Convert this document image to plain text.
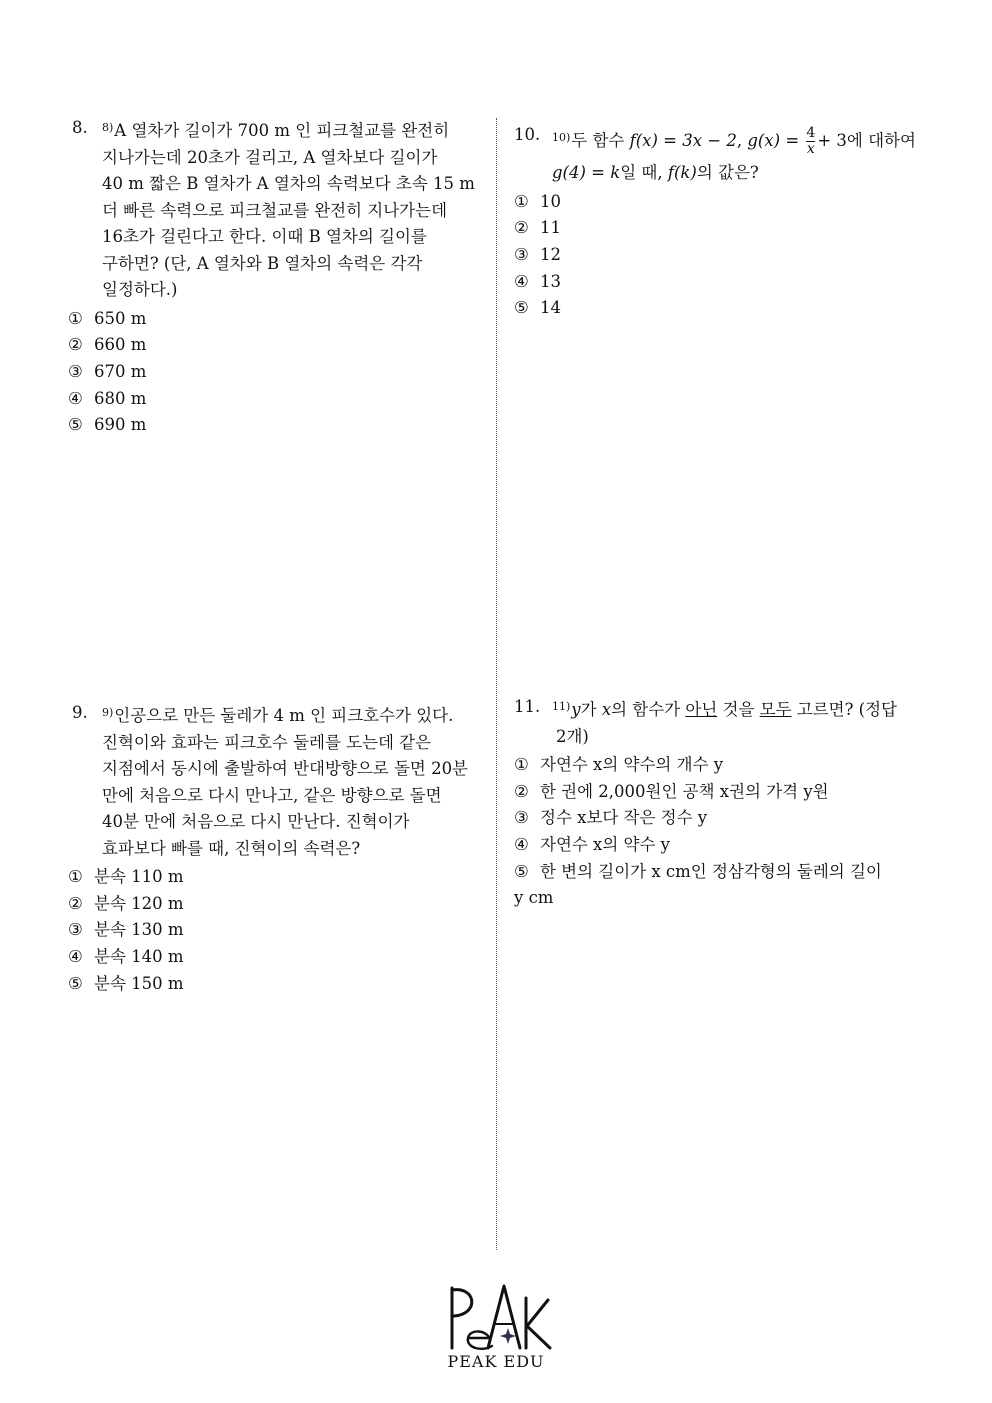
8. $^{8)}$A 열차가 길이가 700 m 인 피크철교를 완전히
지나가는데 20초가 걸리고, A 열차보다 길이가
40 m 짧은 B 열차가 A 열차의 속력보다 초속 15 m
더 빠른 속력으로 피크철교를 완전히 지나가는데
16초가 걸린다고 한다. 이때 B 열차의 길이를
구하면? (단, A 열차와 B 열차의 속력은 각각
일정하다.)
① 650 m
② 660 m
③ 670 m
④ 680 m
⑤ 690 m
9. $^{9)}$인공으로 만든 둘레가 4 m 인 피크호수가 있다.
진혁이와 효파는 피크호수 둘레를 도는데 같은
지점에서 동시에 출발하여 반대방향으로 돌면 20분
만에 처음으로 다시 만나고, 같은 방향으로 돌면
40분 만에 처음으로 다시 만난다. 진혁이가
효파보다 빠를 때, 진혁이의 속력은?
① 분속 110 m
② 분속 120 m
③ 분속 130 m
④ 분속 140 m
⑤ 분속 150 m
10. $^{10)}$두 함수 f(x) = 3x − 2, $g(x) = \frac{4}{x} + 3$에 대하여
g(4) = k일 때, f(k)의 값은?
① 10
② 11
③ 12
④ 13
⑤ 14
11. $^{11)}$y가 x의 함수가 아닌 것을 모두 고르면? (정답
2개)
① 자연수 x의 약수의 개수 y
② 한 권에 2,000원인 공책 x권의 가격 y원
③ 정수 x보다 작은 정수 y
④ 자연수 x의 약수 y
⑤ 한 변의 길이가 x cm인 정삼각형의 둘레의 길이
y cm
PEAK EDU
